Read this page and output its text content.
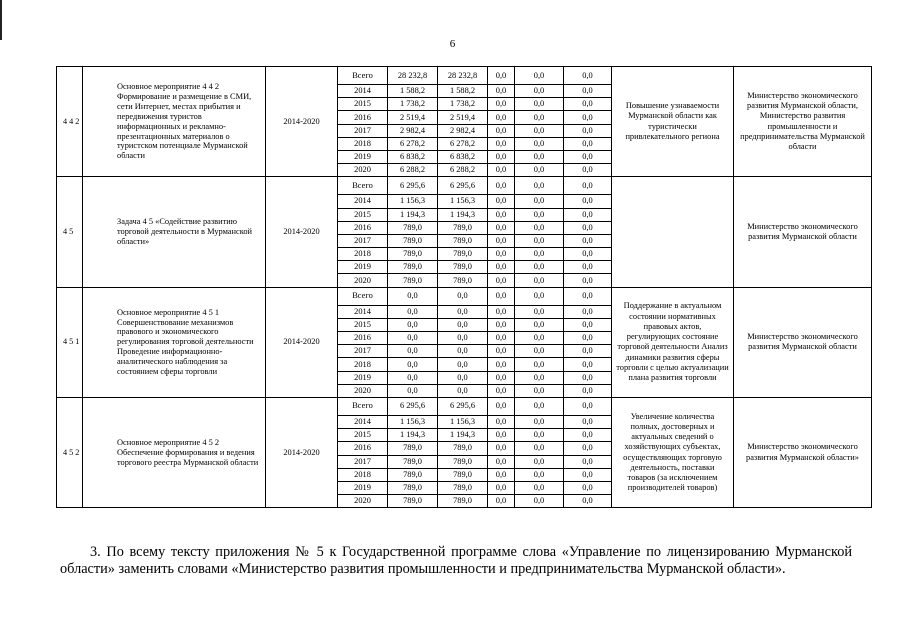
6
4 4 2	Основное мероприятие 4 4 2 Формирование и размещение в СМИ, сети Интернет, местах прибытия и передвижения туристов информационных и рекламно-презентационных материалов о туристском потенциале Мурманской области	2014-2020	Всего	28 232,8	28 232,8	0,0	0,0	0,0	Повышение узнаваемости Мурманской области как туристически привлекательного региона	Министерство экономического развития Мурманской области, Министерство развития промышленности и предпринимательства Мурманской области
			2014	1 588,2	1 588,2	0,0	0,0	0,0		
			2015	1 738,2	1 738,2	0,0	0,0	0,0		
			2016	2 519,4	2 519,4	0,0	0,0	0,0		
			2017	2 982,4	2 982,4	0,0	0,0	0,0		
			2018	6 278,2	6 278,2	0,0	0,0	0,0		
			2019	6 838,2	6 838,2	0,0	0,0	0,0		
			2020	6 288,2	6 288,2	0,0	0,0	0,0		
4 5	Задача 4 5 «Содействие развитию торговой деятельности в Мурманской области»	2014-2020	Всего	6 295,6	6 295,6	0,0	0,0	0,0		Министерство экономического развития Мурманской области
			2014	1 156,3	1 156,3	0,0	0,0	0,0		
			2015	1 194,3	1 194,3	0,0	0,0	0,0		
			2016	789,0	789,0	0,0	0,0	0,0		
			2017	789,0	789,0	0,0	0,0	0,0		
			2018	789,0	789,0	0,0	0,0	0,0		
			2019	789,0	789,0	0,0	0,0	0,0		
			2020	789,0	789,0	0,0	0,0	0,0		
4 5 1	Основное мероприятие 4 5 1 Совершенствование механизмов правового и экономического регулирования торговой деятельности Проведение информационно-аналитического наблюдения за состоянием сферы торговли	2014-2020	Всего	0,0	0,0	0,0	0,0	0,0	Поддержание в актуальном состоянии нормативных правовых актов, регулирующих состояние торговой деятельности Анализ динамики развития сферы торговли с целью актуализации плана развития торговли	Министерство экономического развития Мурманской области
			2014	0,0	0,0	0,0	0,0	0,0		
			2015	0,0	0,0	0,0	0,0	0,0		
			2016	0,0	0,0	0,0	0,0	0,0		
			2017	0,0	0,0	0,0	0,0	0,0		
			2018	0,0	0,0	0,0	0,0	0,0		
			2019	0,0	0,0	0,0	0,0	0,0		
			2020	0,0	0,0	0,0	0,0	0,0		
4 5 2	Основное мероприятие 4 5 2 Обеспечение формирования и ведения торгового реестра Мурманской области	2014-2020	Всего	6 295,6	6 295,6	0,0	0,0	0,0	Увеличение количества полных, достоверных и актуальных сведений о хозяйствующих субъектах, осуществляющих торговую деятельность, поставки товаров (за исключением производителей товаров)	Министерство экономического развития Мурманской области»
			2014	1 156,3	1 156,3	0,0	0,0	0,0		
			2015	1 194,3	1 194,3	0,0	0,0	0,0		
			2016	789,0	789,0	0,0	0,0	0,0		
			2017	789,0	789,0	0,0	0,0	0,0		
			2018	789,0	789,0	0,0	0,0	0,0		
			2019	789,0	789,0	0,0	0,0	0,0		
			2020	789,0	789,0	0,0	0,0	0,0		
3. По всему тексту приложения № 5 к Государственной программе слова «Управление по лицензированию Мурманской области» заменить словами «Министерство развития промышленности и предпринимательства Мурманской области».
